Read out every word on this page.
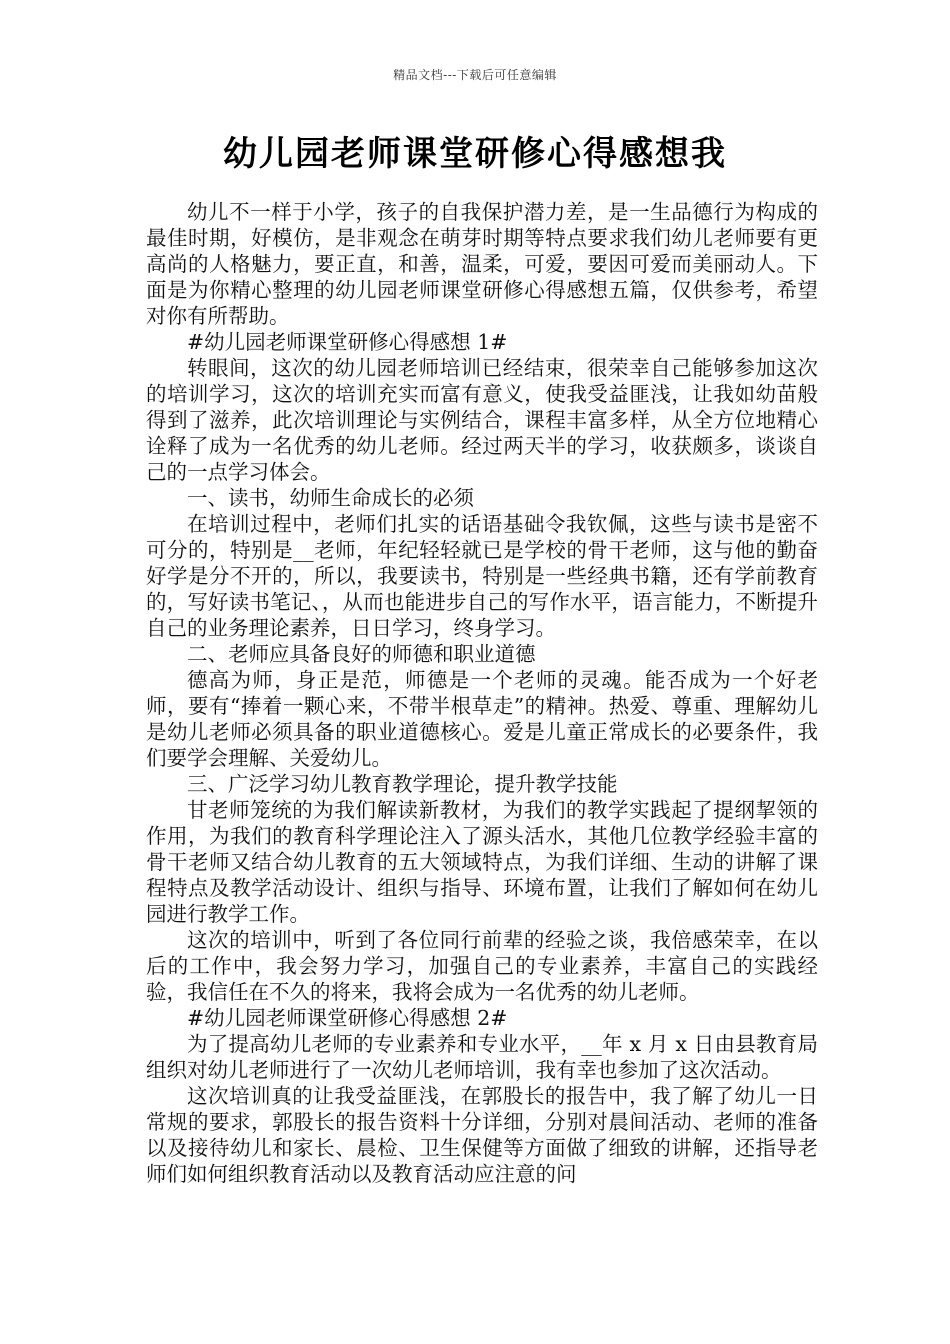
精品文档---下载后可任意编辑
幼儿园老师课堂研修心得感想我

幼儿不一样于小学，孩子的自我保护潜力差，是一生品德行为构成的最佳时期，好模仿，是非观念在萌芽时期等特点要求我们幼儿老师要有更高尚的人格魅力，要正直，和善，温柔，可爱，要因可爱而美丽动人。下面是为你精心整理的幼儿园老师课堂研修心得感想五篇，仅供参考，希望对你有所帮助。

#幼儿园老师课堂研修心得感想 1#

转眼间，这次的幼儿园老师培训已经结束，很荣幸自己能够参加这次的培训学习，这次的培训充实而富有意义，使我受益匪浅，让我如幼苗般得到了滋养，此次培训理论与实例结合，课程丰富多样，从全方位地精心诠释了成为一名优秀的幼儿老师。经过两天半的学习，收获颇多，谈谈自己的一点学习体会。

一、读书，幼师生命成长的必须

在培训过程中，老师们扎实的话语基础令我钦佩，这些与读书是密不可分的，特别是__老师，年纪轻轻就已是学校的骨干老师，这与他的勤奋好学是分不开的，所以，我要读书，特别是一些经典书籍，还有学前教育的，写好读书笔记、，从而也能进步自己的写作水平，语言能力，不断提升自己的业务理论素养，日日学习，终身学习。

二、老师应具备良好的师德和职业道德

德高为师，身正是范，师德是一个老师的灵魂。能否成为一个好老师，要有“捧着一颗心来，不带半根草走”的精神。热爱、尊重、理解幼儿是幼儿老师必须具备的职业道德核心。爱是儿童正常成长的必要条件，我们要学会理解、关爱幼儿。

三、广泛学习幼儿教育教学理论，提升教学技能

甘老师笼统的为我们解读新教材，为我们的教学实践起了提纲挈领的作用，为我们的教育科学理论注入了源头活水，其他几位教学经验丰富的骨干老师又结合幼儿教育的五大领域特点，为我们详细、生动的讲解了课程特点及教学活动设计、组织与指导、环境布置，让我们了解如何在幼儿园进行教学工作。

这次的培训中，听到了各位同行前辈的经验之谈，我倍感荣幸，在以后的工作中，我会努力学习，加强自己的专业素养，丰富自己的实践经验，我信任在不久的将来，我将会成为一名优秀的幼儿老师。

#幼儿园老师课堂研修心得感想 2#

为了提高幼儿老师的专业素养和专业水平，__年 x 月 x 日由县教育局组织对幼儿老师进行了一次幼儿老师培训，我有幸也参加了这次活动。

这次培训真的让我受益匪浅，在郭股长的报告中，我了解了幼儿一日常规的要求，郭股长的报告资料十分详细，分别对晨间活动、老师的准备以及接待幼儿和家长、晨检、卫生保健等方面做了细致的讲解，还指导老师们如何组织教育活动以及教育活动应注意的问
